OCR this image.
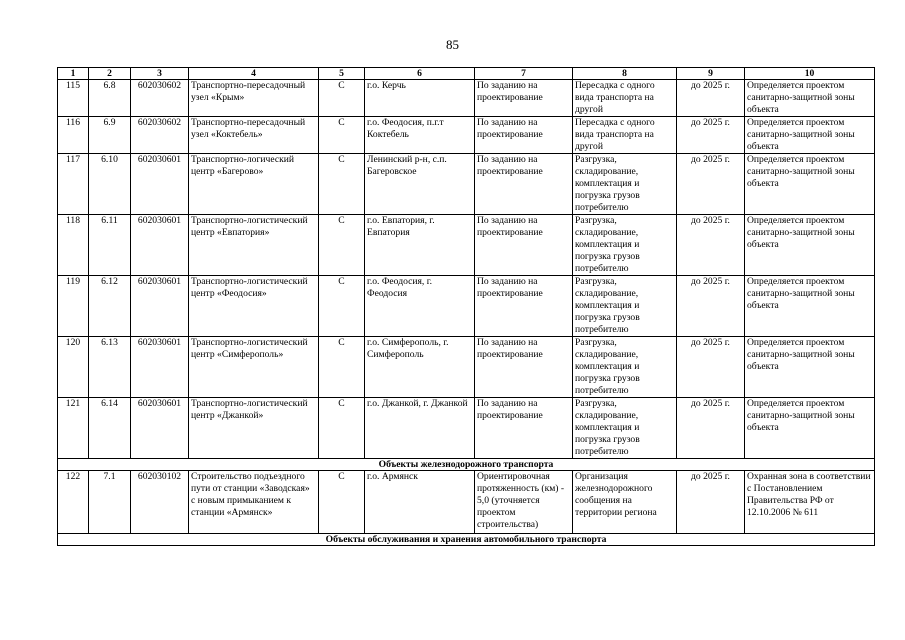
85
1	2	3	4	5	6	7	8	9	10
115	6.8	602030602	Транспортно-пересадочный узел «Крым»	С	г.о. Керчь	По заданию на проектирование	Пересадка с одного вида транспорта на другой	до 2025 г.	Определяется проектом санитарно-защитной зоны объекта
116	6.9	602030602	Транспортно-пересадочный узел «Коктебель»	С	г.о. Феодосия, п.г.т Коктебель	По заданию на проектирование	Пересадка с одного вида транспорта на другой	до 2025 г.	Определяется проектом санитарно-защитной зоны объекта
117	6.10	602030601	Транспортно-логический центр «Багерово»	С	Ленинский р-н, с.п. Багеровское	По заданию на проектирование	Разгрузка, складирование, комплектация и погрузка грузов потребителю	до 2025 г.	Определяется проектом санитарно-защитной зоны объекта
118	6.11	602030601	Транспортно-логистический центр «Евпатория»	С	г.о. Евпатория, г. Евпатория	По заданию на проектирование	Разгрузка, складирование, комплектация и погрузка грузов потребителю	до 2025 г.	Определяется проектом санитарно-защитной зоны объекта
119	6.12	602030601	Транспортно-логистический центр «Феодосия»	С	г.о. Феодосия, г. Феодосия	По заданию на проектирование	Разгрузка, складирование, комплектация и погрузка грузов потребителю	до 2025 г.	Определяется проектом санитарно-защитной зоны объекта
120	6.13	602030601	Транспортно-логистический центр «Симферополь»	С	г.о. Симферополь, г. Симферополь	По заданию на проектирование	Разгрузка, складирование, комплектация и погрузка грузов потребителю	до 2025 г.	Определяется проектом санитарно-защитной зоны объекта
121	6.14	602030601	Транспортно-логистический центр «Джанкой»	С	г.о. Джанкой, г. Джанкой	По заданию на проектирование	Разгрузка, складирование, комплектация и погрузка грузов потребителю	до 2025 г.	Определяется проектом санитарно-защитной зоны объекта
Объекты железнодорожного транспорта									
122	7.1	602030102	Строительство подъездного пути от станции «Заводская» с новым примыканием к станции «Армянск»	С	г.о. Армянск	Ориентировочная протяженность (км) - 5,0 (уточняется проектом строительства)	Организация железнодорожного сообщения на территории региона	до 2025 г.	Охранная зона в соответствии с Постановлением Правительства РФ от 12.10.2006 № 611
Объекты обслуживания и хранения автомобильного транспорта									
